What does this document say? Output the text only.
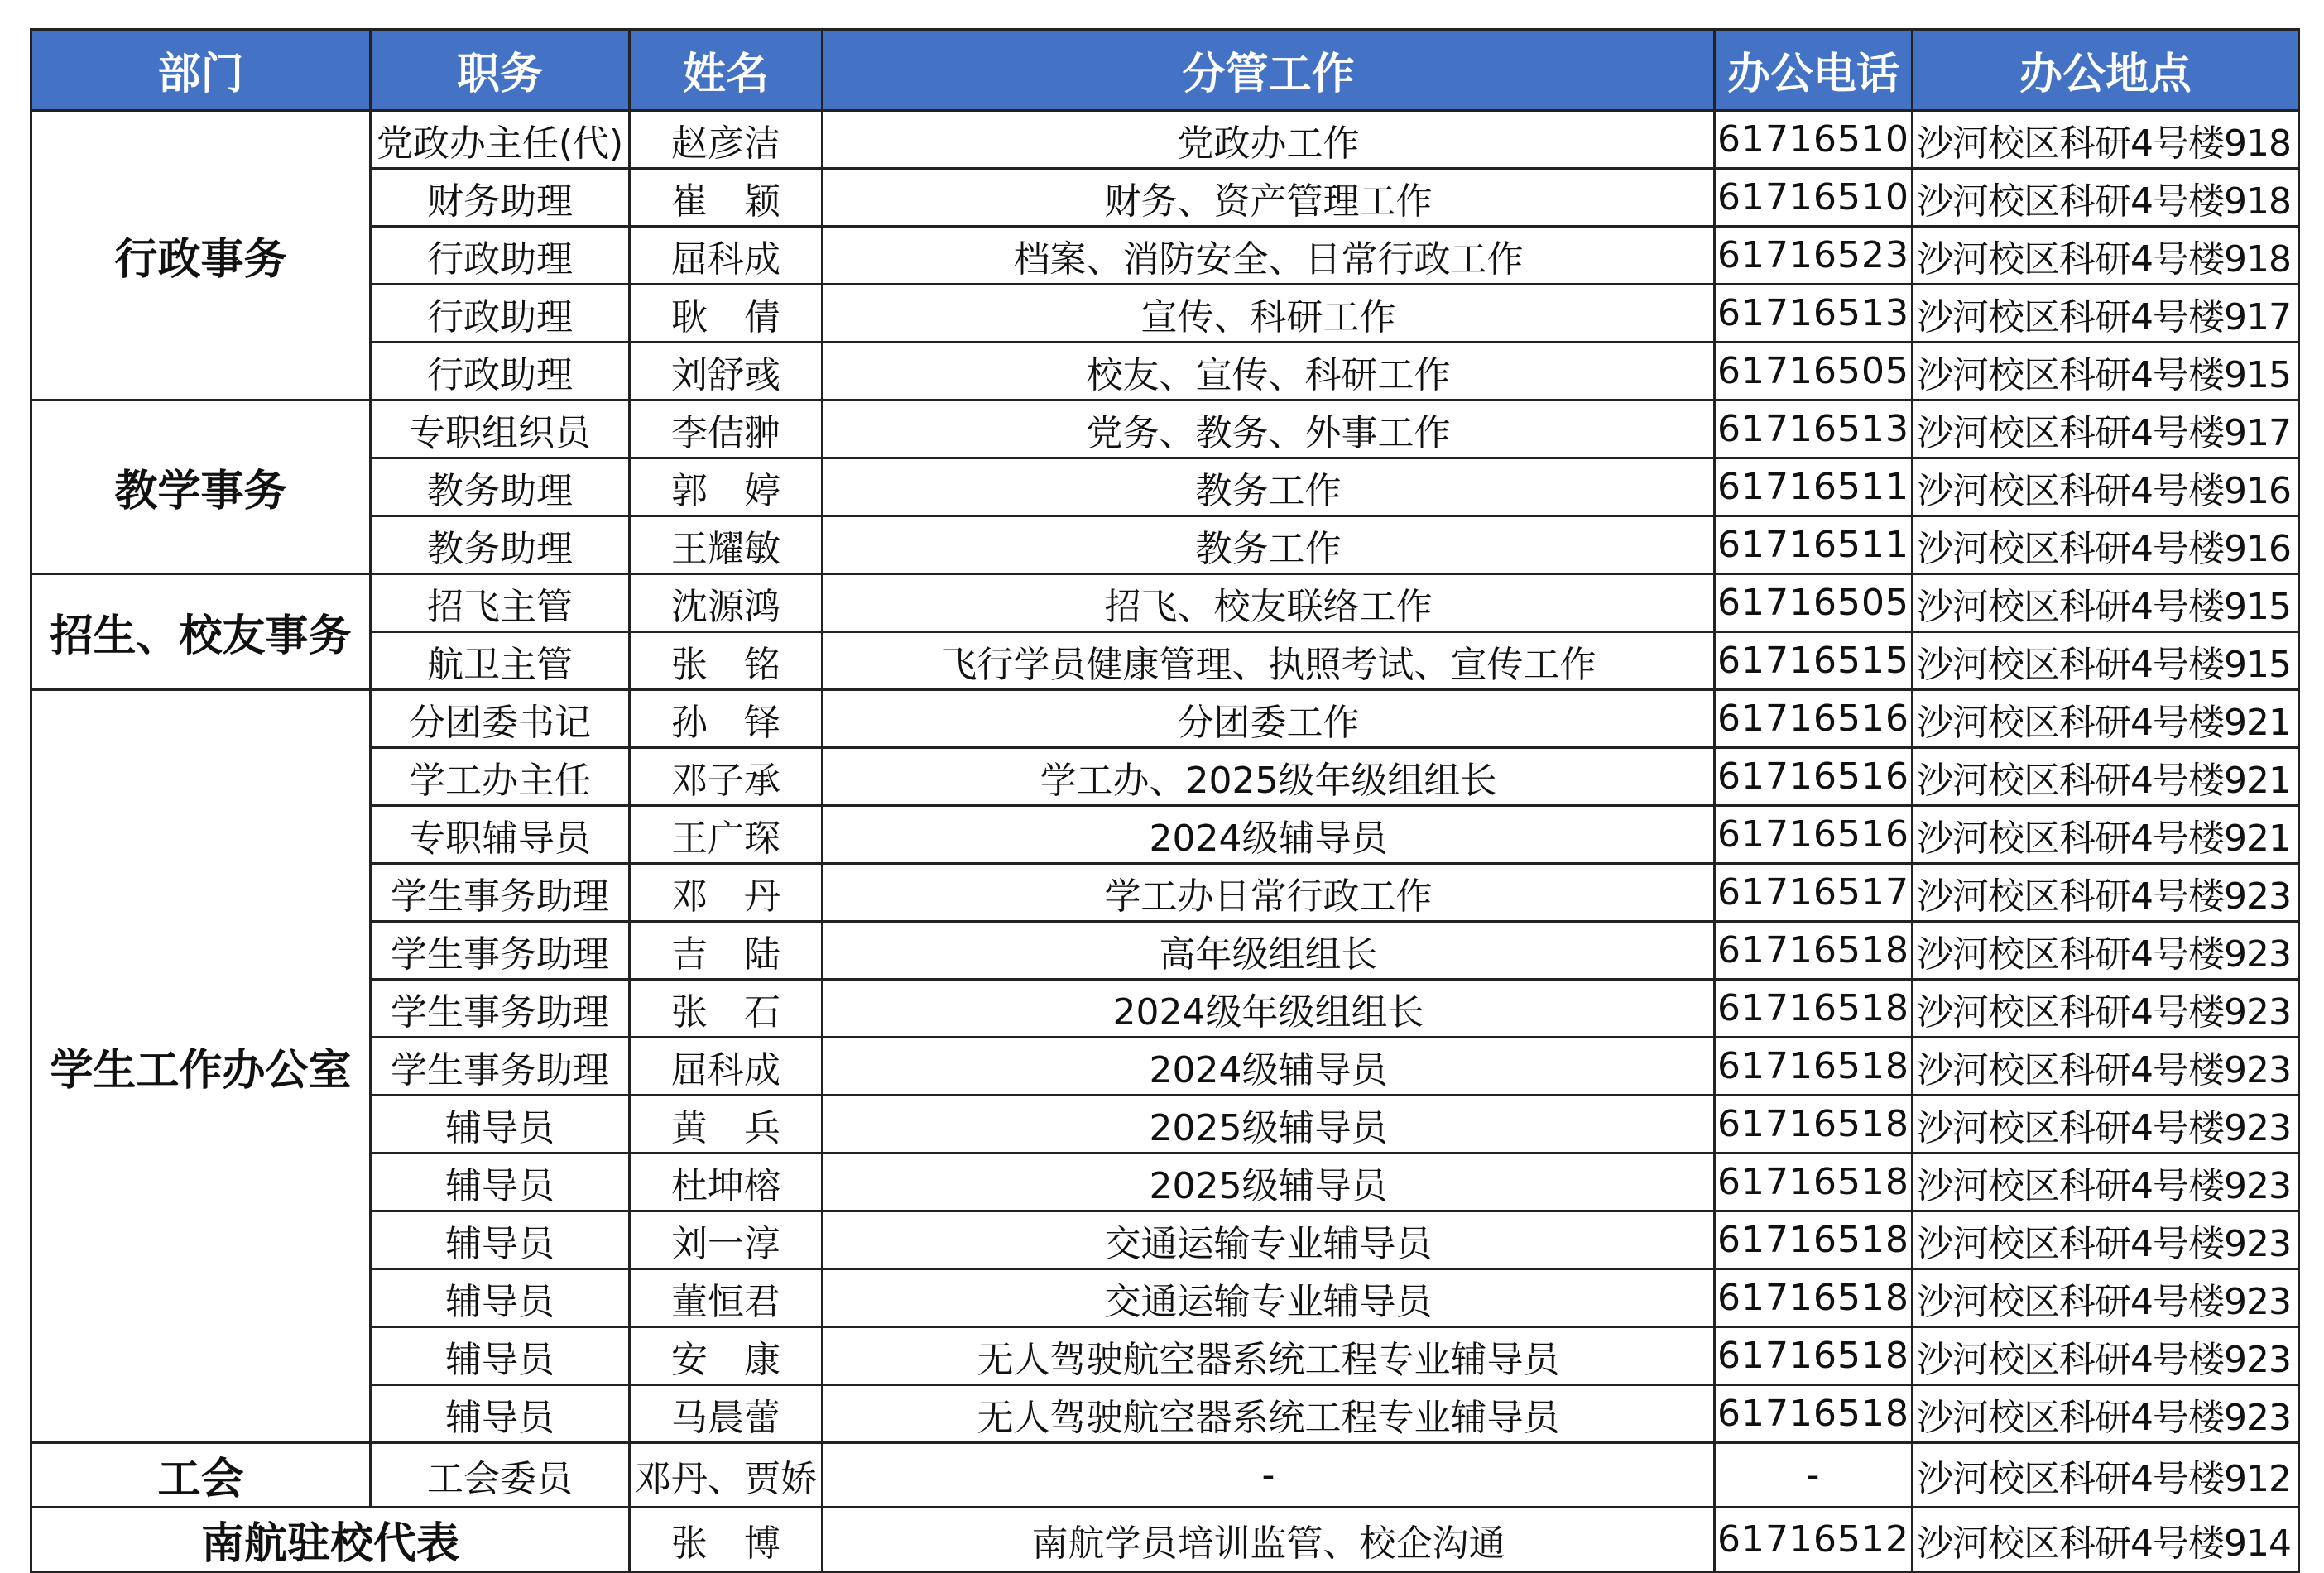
部门	职务	姓名	分管工作	办公电话	办公地点
行政事务	党政办主任(代)	赵彦洁	党政办工作	61716510	沙河校区科研4号楼918
	财务助理	崔　颖	财务、资产管理工作	61716510	沙河校区科研4号楼918
	行政助理	屈科成	档案、消防安全、日常行政工作	61716523	沙河校区科研4号楼918
	行政助理	耿　倩	宣传、科研工作	61716513	沙河校区科研4号楼917
	行政助理	刘舒彧	校友、宣传、科研工作	61716505	沙河校区科研4号楼915
教学事务	专职组织员	李佶翀	党务、教务、外事工作	61716513	沙河校区科研4号楼917
	教务助理	郭　婷	教务工作	61716511	沙河校区科研4号楼916
	教务助理	王耀敏	教务工作	61716511	沙河校区科研4号楼916
招生、校友事务	招飞主管	沈源鸿	招飞、校友联络工作	61716505	沙河校区科研4号楼915
	航卫主管	张　铭	飞行学员健康管理、执照考试、宣传工作	61716515	沙河校区科研4号楼915
学生工作办公室	分团委书记	孙　铎	分团委工作	61716516	沙河校区科研4号楼921
	学工办主任	邓子承	学工办、2025级年级组组长	61716516	沙河校区科研4号楼921
	专职辅导员	王广琛	2024级辅导员	61716516	沙河校区科研4号楼921
	学生事务助理	邓　丹	学工办日常行政工作	61716517	沙河校区科研4号楼923
	学生事务助理	吉　陆	高年级组组长	61716518	沙河校区科研4号楼923
	学生事务助理	张　石	2024级年级组组长	61716518	沙河校区科研4号楼923
	学生事务助理	屈科成	2024级辅导员	61716518	沙河校区科研4号楼923
	辅导员	黄　兵	2025级辅导员	61716518	沙河校区科研4号楼923
	辅导员	杜坤榕	2025级辅导员	61716518	沙河校区科研4号楼923
	辅导员	刘一淳	交通运输专业辅导员	61716518	沙河校区科研4号楼923
	辅导员	董恒君	交通运输专业辅导员	61716518	沙河校区科研4号楼923
	辅导员	安　康	无人驾驶航空器系统工程专业辅导员	61716518	沙河校区科研4号楼923
	辅导员	马晨蕾	无人驾驶航空器系统工程专业辅导员	61716518	沙河校区科研4号楼923
工会	工会委员	邓丹、贾娇	-	-	沙河校区科研4号楼912
南航驻校代表		张　博	南航学员培训监管、校企沟通	61716512	沙河校区科研4号楼914
